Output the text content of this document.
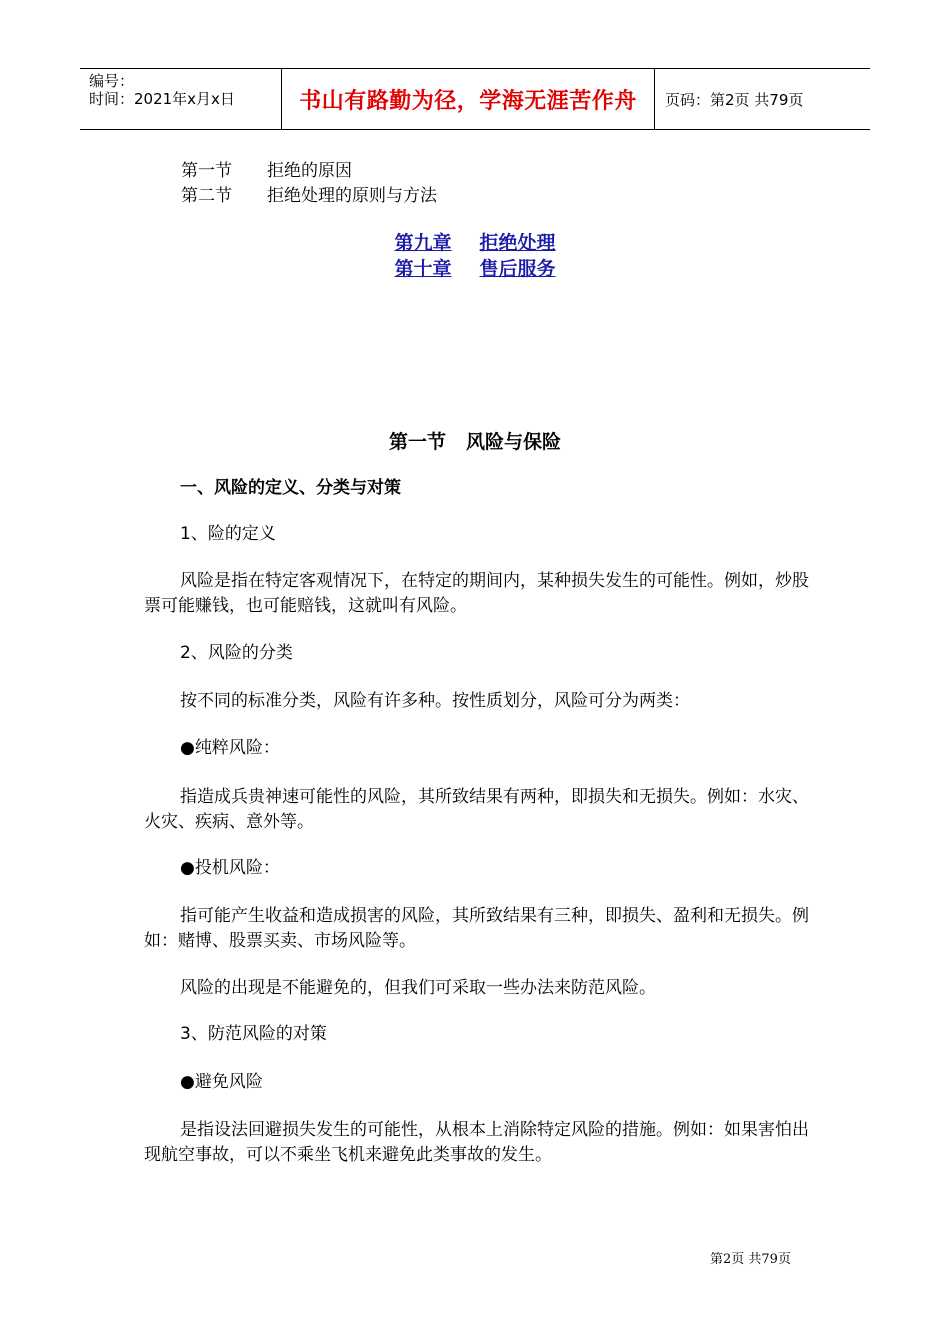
编号：
时间：2021年x月x日	书山有路勤为径，学海无涯苦作舟 页码：第2页 共79页
第一节 拒绝的原因
第二节 拒绝处理的原则与方法
第九章 拒绝处理
第十章 售后服务
第一节 风险与保险
一、风险的定义、分类与对策
1、险的定义
风险是指在特定客观情况下，在特定的期间内，某种损失发生的可能性。例如，炒股票可能赚钱，也可能赔钱，这就叫有风险。
2、风险的分类
按不同的标准分类，风险有许多种。按性质划分，风险可分为两类：
●纯粹风险：
指造成兵贵神速可能性的风险，其所致结果有两种，即损失和无损失。例如：水灾、火灾、疾病、意外等。
●投机风险：
指可能产生收益和造成损害的风险，其所致结果有三种，即损失、盈利和无损失。例如：赌博、股票买卖、市场风险等。
风险的出现是不能避免的，但我们可采取一些办法来防范风险。
3、防范风险的对策
●避免风险
是指设法回避损失发生的可能性，从根本上消除特定风险的措施。例如：如果害怕出现航空事故，可以不乘坐飞机来避免此类事故的发生。
第2页 共79页
